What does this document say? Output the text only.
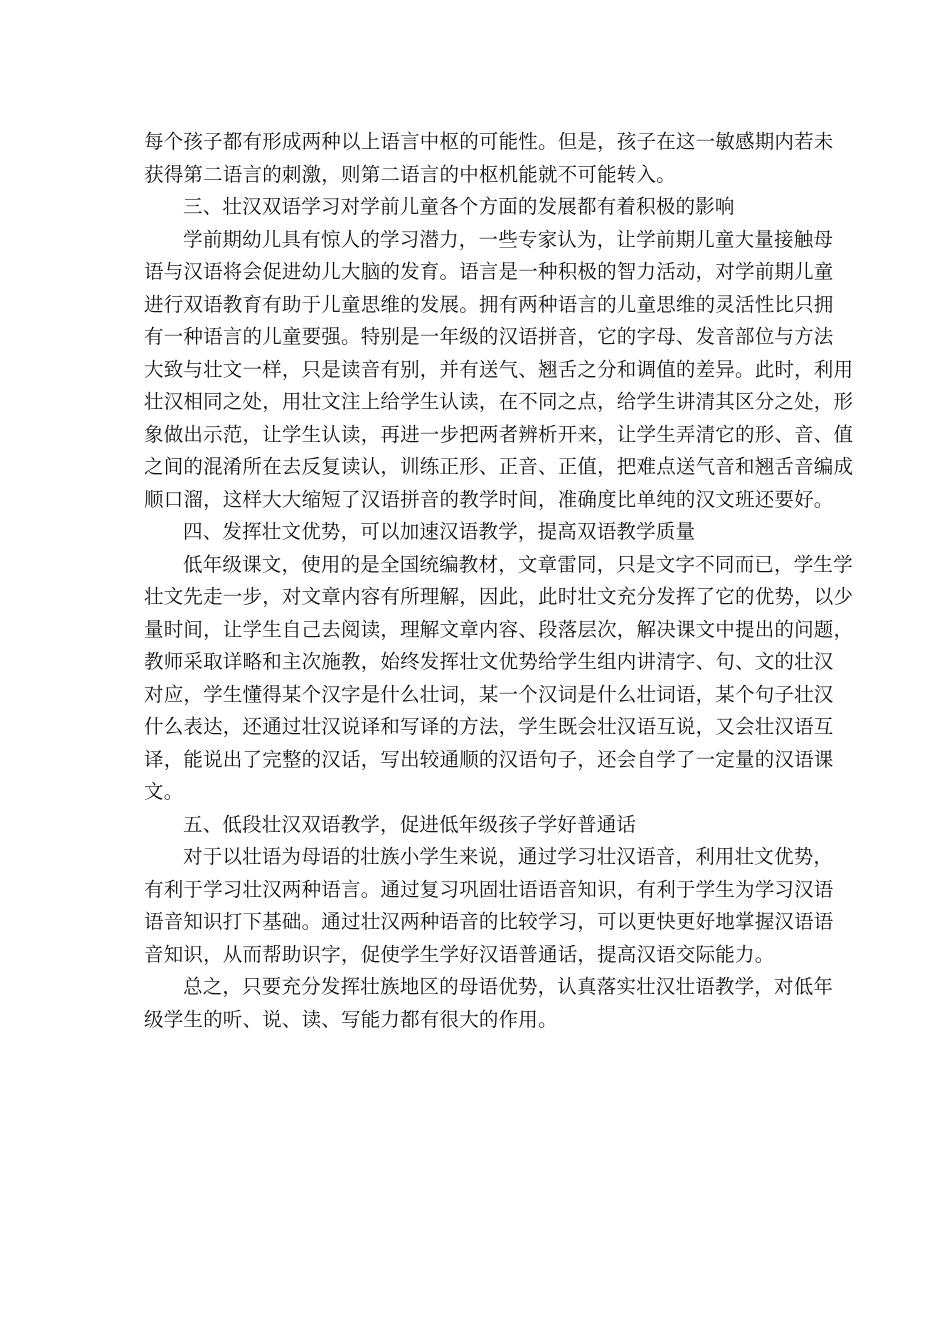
每个孩子都有形成两种以上语言中枢的可能性。但是，孩子在这一敏感期内若未
获得第二语言的刺激，则第二语言的中枢机能就不可能转入。
三、壮汉双语学习对学前儿童各个方面的发展都有着积极的影响
学前期幼儿具有惊人的学习潜力，一些专家认为，让学前期儿童大量接触母
语与汉语将会促进幼儿大脑的发育。语言是一种积极的智力活动，对学前期儿童
进行双语教育有助于儿童思维的发展。拥有两种语言的儿童思维的灵活性比只拥
有一种语言的儿童要强。特别是一年级的汉语拼音，它的字母、发音部位与方法
大致与壮文一样，只是读音有别，并有送气、翘舌之分和调值的差异。此时，利用
壮汉相同之处，用壮文注上给学生认读，在不同之点，给学生讲清其区分之处，形
象做出示范，让学生认读，再进一步把两者辨析开来，让学生弄清它的形、音、值
之间的混淆所在去反复读认，训练正形、正音、正值，把难点送气音和翘舌音编成
顺口溜，这样大大缩短了汉语拼音的教学时间，准确度比单纯的汉文班还要好。
四、发挥壮文优势，可以加速汉语教学，提高双语教学质量
低年级课文，使用的是全国统编教材，文章雷同，只是文字不同而已，学生学
壮文先走一步，对文章内容有所理解，因此，此时壮文充分发挥了它的优势，以少
量时间，让学生自己去阅读，理解文章内容、段落层次，解决课文中提出的问题，
教师采取详略和主次施教，始终发挥壮文优势给学生组内讲清字、句、文的壮汉
对应，学生懂得某个汉字是什么壮词，某一个汉词是什么壮词语，某个句子壮汉
什么表达，还通过壮汉说译和写译的方法，学生既会壮汉语互说，又会壮汉语互
译，能说出了完整的汉话，写出较通顺的汉语句子，还会自学了一定量的汉语课
文。
五、低段壮汉双语教学，促进低年级孩子学好普通话
对于以壮语为母语的壮族小学生来说，通过学习壮汉语音，利用壮文优势，
有利于学习壮汉两种语言。通过复习巩固壮语语音知识，有利于学生为学习汉语
语音知识打下基础。通过壮汉两种语音的比较学习，可以更快更好地掌握汉语语
音知识，从而帮助识字，促使学生学好汉语普通话，提高汉语交际能力。
总之，只要充分发挥壮族地区的母语优势，认真落实壮汉壮语教学，对低年
级学生的听、说、读、写能力都有很大的作用。
